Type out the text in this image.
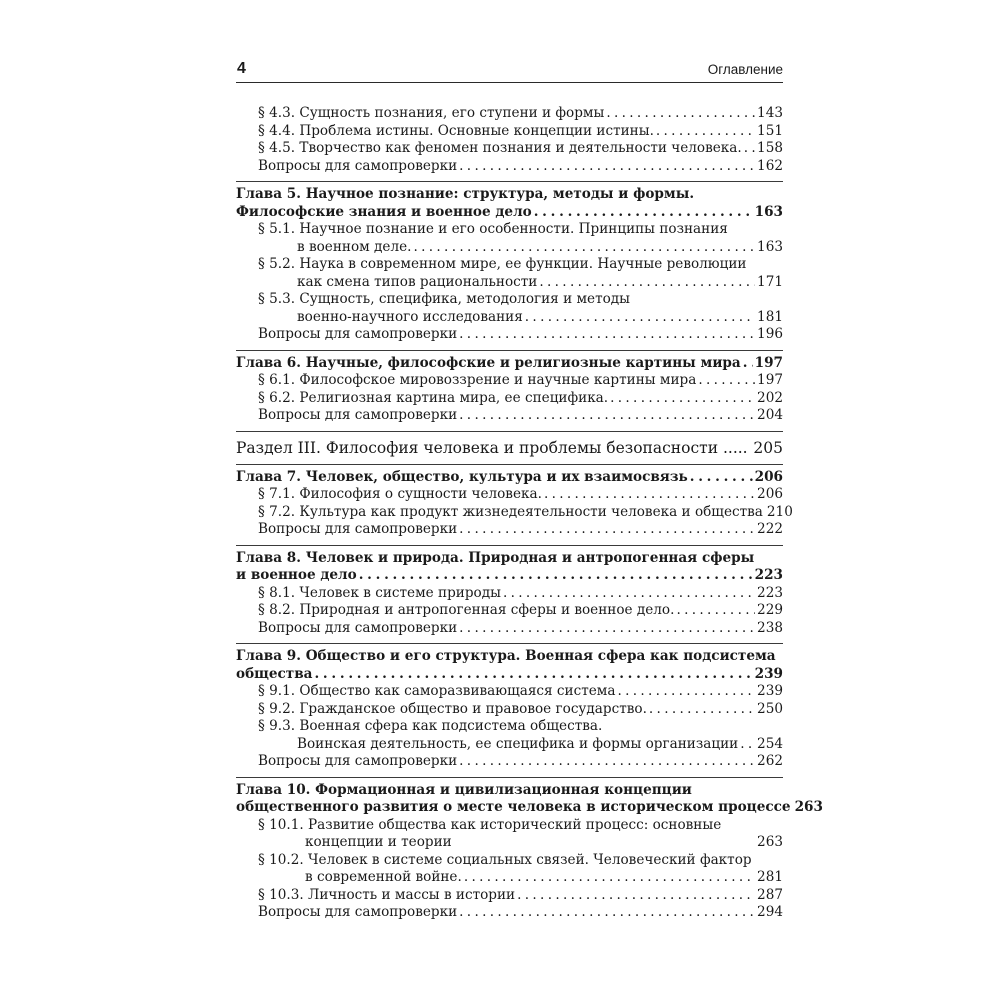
4	Оглавление
§ 4.3. Сущность познания, его ступени и формы . . .	143
§ 4.4. Проблема истины. Основные концепции истины. . . .	151
§ 4.5. Творчество как феномен познания и деятельности человека. . . . 158
Вопросы для самопроверки . . .	162
Глава 5. Научное познание: структура, методы и формы.
Философские знания и военное дело . . .	163
§ 5.1. Научное познание и его особенности. Принципы познания
в военном деле. . . .	163
§ 5.2. Наука в современном мире, ее функции. Научные революции
как смена типов рациональности . . .	171
§ 5.3. Сущность, специфика, методология и методы
военно-научного исследования . . .	181
Вопросы для самопроверки . . .	196
Глава 6. Научные, философские и религиозные картины мира . . . 197
§ 6.1. Философское мировоззрение и научные картины мира . . .	197
§ 6.2. Религиозная картина мира, ее специфика. . . .	202
Вопросы для самопроверки . . .	204
Раздел III. Философия человека и проблемы безопасности ..... . . . 205
Глава 7. Человек, общество, культура и их взаимосвязь . . .	206
§ 7.1. Философия о сущности человека. . . .	206
§ 7.2. Культура как продукт жизнедеятельности человека и общества 210
Вопросы для самопроверки . . .	222
Глава 8. Человек и природа. Природная и антропогенная сферы
и военное дело . . .	223
§ 8.1. Человек в системе природы . . .	223
§ 8.2. Природная и антропогенная сферы и военное дело. . . .	229
Вопросы для самопроверки . . .	238
Глава 9. Общество и его структура. Военная сфера как подсистема
общества . . .	239
§ 9.1. Общество как саморазвивающаяся система . . .	239
§ 9.2. Гражданское общество и правовое государство. . . .	250
§ 9.3. Военная сфера как подсистема общества.
Воинская деятельность, ее специфика и формы организации . . . 254
Вопросы для самопроверки . . .	262
Глава 10. Формационная и цивилизационная концепции
общественного развития о месте человека в историческом процессе 263
§ 10.1. Развитие общества как исторический процесс: основные
концепции и теории	263
§ 10.2. Человек в системе социальных связей. Человеческий фактор
в современной войне. . . .	281
§ 10.3. Личность и массы в истории . . .	287
Вопросы для самопроверки . . .	294
